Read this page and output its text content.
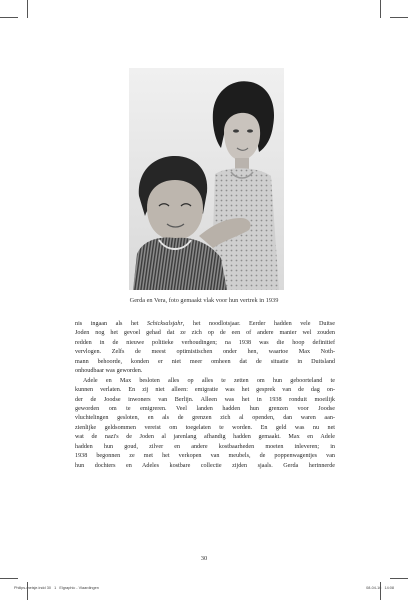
Gerda en Vera, foto gemaakt vlak voor hun vertrek in 1939
nis ingaan als het Schicksalsjahr, het noodlotsjaar. Eerder hadden vele Duitse
Joden nog het gevoel gehad dat ze zich op de een of andere manier wel zouden
redden in de nieuwe politieke verhoudingen; na 1938 was die hoop definitief
vervlogen. Zelfs de meest optimistischen onder hen, waartoe Max Noth-
mann behoorde, konden er niet meer omheen dat de situatie in Duitsland
onhoudbaar was geworden.
Adele en Max besloten alles op alles te zetten om hun geboorteland te
kunnen verlaten. En zij niet alleen: emigratie was het gesprek van de dag on-
der de Joodse inwoners van Berlijn. Alleen was het in 1938 ronduit moeilijk
geworden om te emigreren. Veel landen hadden hun grenzen voor Joodse
vluchtelingen gesloten, en als de grenzen zich al openden, dan waren aan-
zienlijke geldsommen vereist om toegelaten te worden. En geld was nu net
wat de nazi's de Joden al jarenlang afhandig hadden gemaakt. Max en Adele
hadden hun goud, zilver en andere kostbaarheden moeten inleveren; in
1938 begonnen ze met het verkopen van meubels, de poppenwagentjes van
hun dochters en Adeles kostbare collectie zijden sjaals. Gerda herinnerde
30
Philips-meisje.indd 30   1   Elgraphic - Vlaardingen	08-04-16 14:08
